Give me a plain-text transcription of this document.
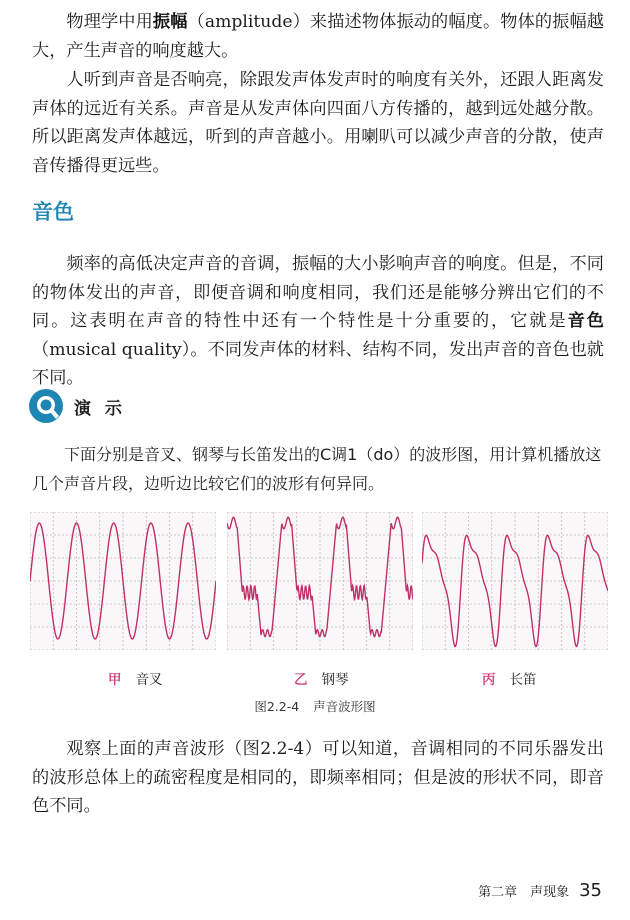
物理学中用振幅（amplitude）来描述物体振动的幅度。物体的振幅越大，产生声音的响度越大。

人听到声音是否响亮，除跟发声体发声时的响度有关外，还跟人距离发声体的远近有关系。声音是从发声体向四面八方传播的，越到远处越分散。所以距离发声体越远，听到的声音越小。用喇叭可以减少声音的分散，使声音传播得更远些。

音色

频率的高低决定声音的音调，振幅的大小影响声音的响度。但是，不同的物体发出的声音，即便音调和响度相同，我们还是能够分辨出它们的不同。这表明在声音的特性中还有一个特性是十分重要的，它就是音色（musical quality）。不同发声体的材料、结构不同，发出声音的音色也就不同。

演 示

下面分别是音叉、钢琴与长笛发出的C调1（do）的波形图，用计算机播放这几个声音片段，边听边比较它们的波形有何异同。

甲 音叉	乙 钢琴	丙 长笛
图2.2-4 声音波形图

观察上面的声音波形（图2.2-4）可以知道，音调相同的不同乐器发出的波形总体上的疏密程度是相同的，即频率相同；但是波的形状不同，即音色不同。

第二章　声现象 35
